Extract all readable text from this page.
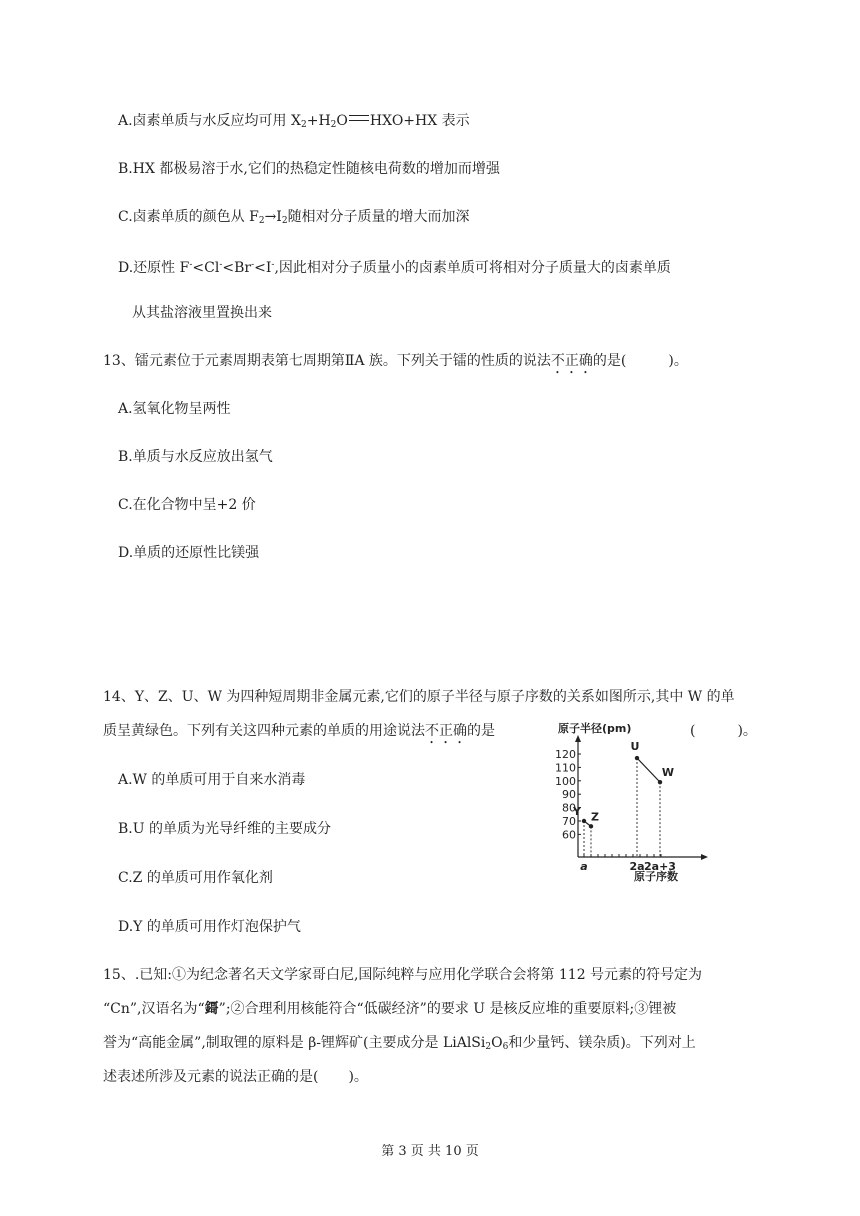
A.卤素单质与水反应均可用 $X_2+H_2O$ HXO+HX 表示
B.HX 都极易溶于水,它们的热稳定性随核电荷数的增加而增强
C.卤素单质的颜色从 $F_2\to I_2$随相对分子质量的增大而加深
D.还原性 F-<Cl-<Br-<I-,因此相对分子质量小的卤素单质可将相对分子质量大的卤素单质
从其盐溶液里置换出来
13、镭元素位于元素周期表第七周期第ⅡA 族。下列关于镭的性质的说法不正确的是(	)。
A.氢氧化物呈两性
B.单质与水反应放出氢气
C.在化合物中呈+2 价
D.单质的还原性比镁强
14、Y、Z、U、W 为四种短周期非金属元素,它们的原子半径与原子序数的关系如图所示,其中 W 的单
质呈黄绿色。下列有关这四种元素的单质的用途说法不正确的是	(	)。
A.W 的单质可用于自来水消毒
B.U 的单质为光导纤维的主要成分
C.Z 的单质可用作氧化剂
D.Y 的单质可用作灯泡保护气
原子半径(pm)
120
110
100
90
80
70
60
a	2a 2a+3
Y Z
U
W
原子序数
15、.已知:①为纪念著名天文学家哥白尼,国际纯粹与应用化学联合会将第 112 号元素的符号定为
“Cn”,汉语名为“鎶”;②合理利用核能符合“低碳经济”的要求 U 是核反应堆的重要原料;③锂被
誉为“高能金属”,制取锂的原料是 β-锂辉矿(主要成分是 $LiAlSi_2O_6$和少量钙、镁杂质)。下列对上
述表述所涉及元素的说法正确的是( )。
第 3 页 共 10 页
